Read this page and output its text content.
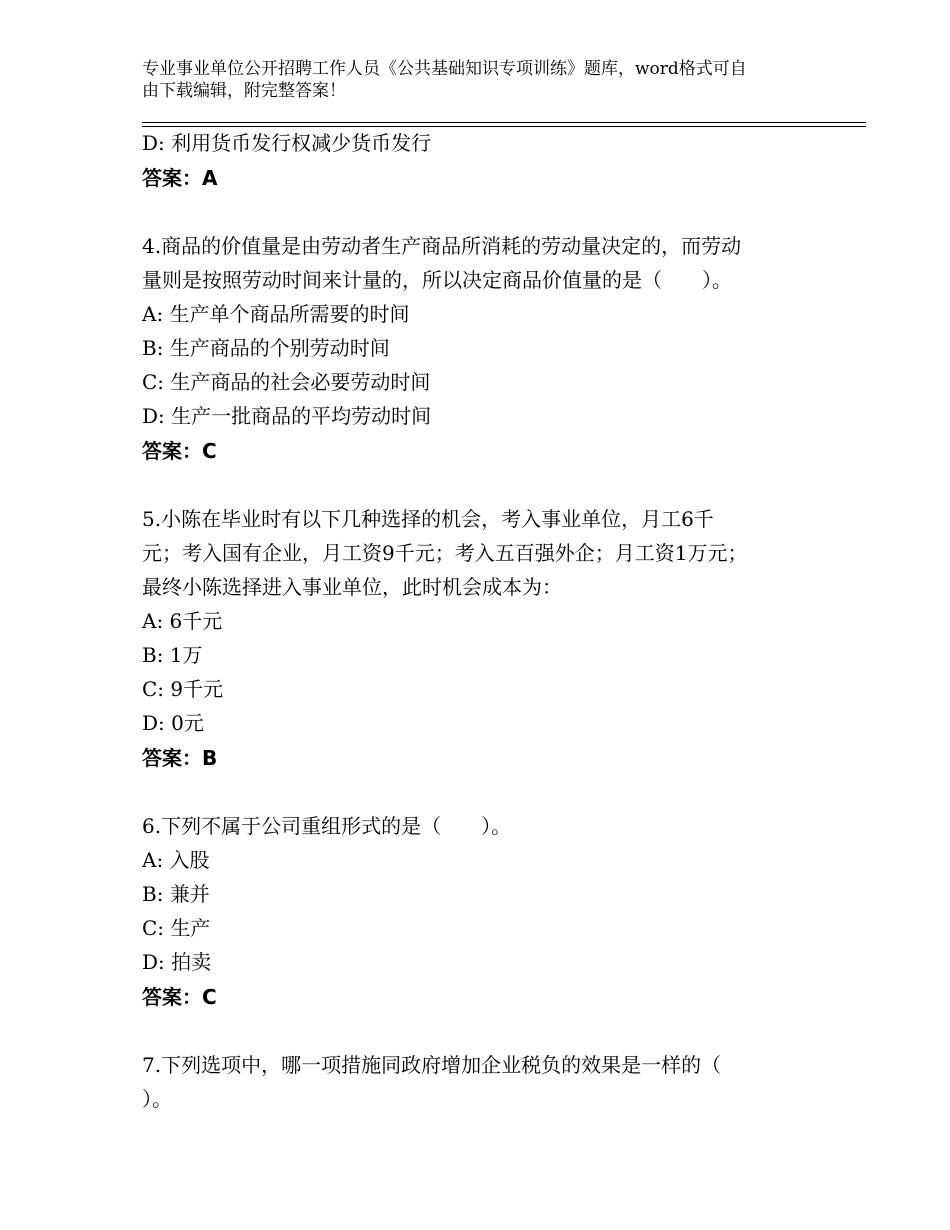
专业事业单位公开招聘工作人员《公共基础知识专项训练》题库，word格式可自
由下载编辑，附完整答案！
D: 利用货币发行权减少货币发行
答案：A
4.商品的价值量是由劳动者生产商品所消耗的劳动量决定的，而劳动
量则是按照劳动时间来计量的，所以决定商品价值量的是（　　）。
A: 生产单个商品所需要的时间
B: 生产商品的个别劳动时间
C: 生产商品的社会必要劳动时间
D: 生产一批商品的平均劳动时间
答案：C
5.小陈在毕业时有以下几种选择的机会，考入事业单位，月工6千
元；考入国有企业，月工资9千元；考入五百强外企；月工资1万元；
最终小陈选择进入事业单位，此时机会成本为：
A: 6千元
B: 1万
C: 9千元
D: 0元
答案：B
6.下列不属于公司重组形式的是（　　）。
A: 入股
B: 兼并
C: 生产
D: 拍卖
答案：C
7.下列选项中，哪一项措施同政府增加企业税负的效果是一样的（
）。
